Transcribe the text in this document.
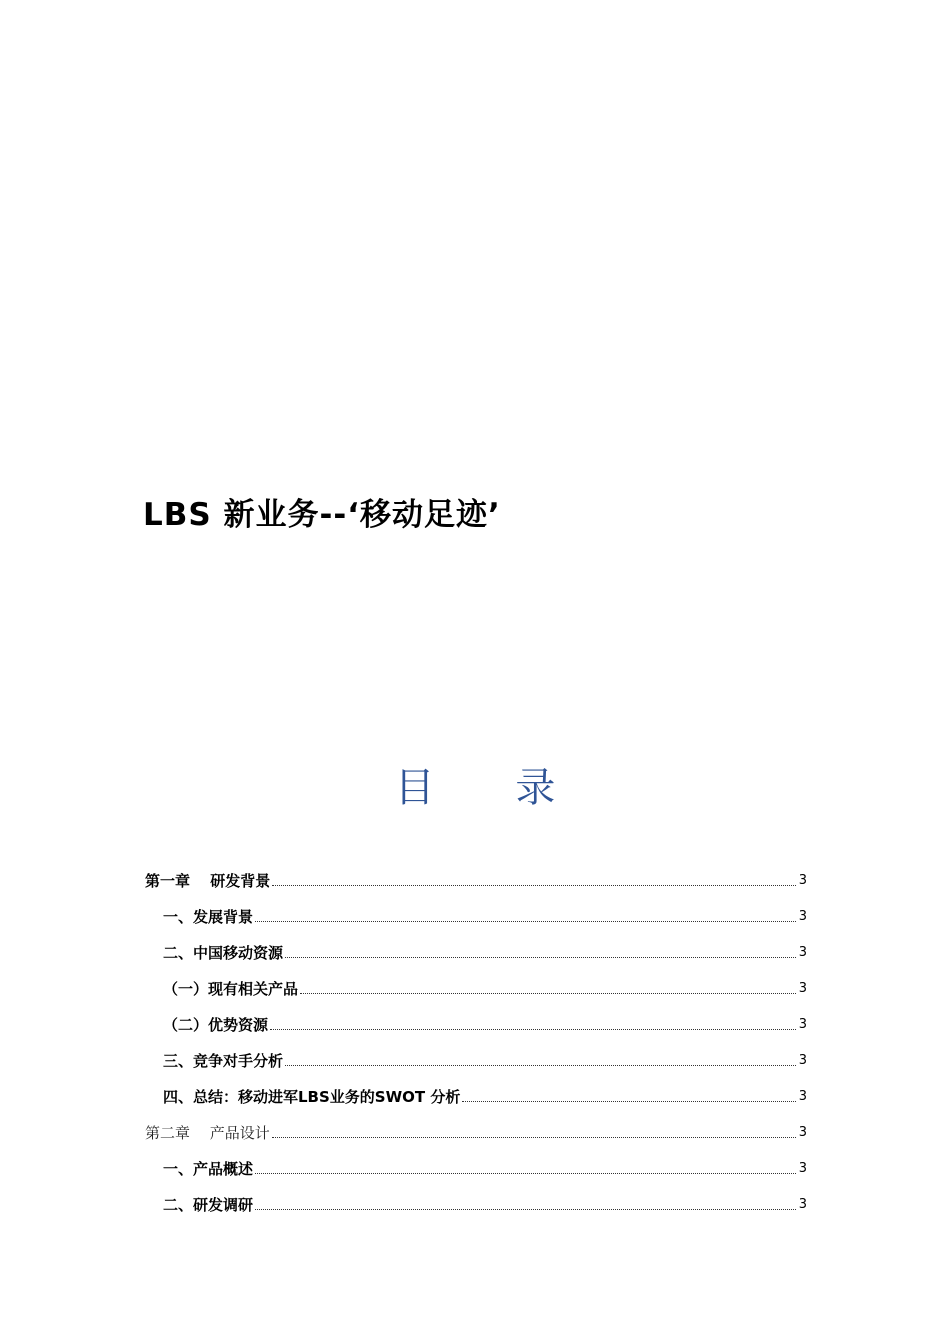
LBS 新业务--‘移动足迹’
目 录
第一章　 研发背景	3
一、发展背景	3
二、中国移动资源	3
（一）现有相关产品	3
（二）优势资源	3
三、竞争对手分析	3
四、总结：移动进军LBS业务的SWOT 分析	3
第二章　 产品设计	3
一、产品概述	3
二、研发调研	3
